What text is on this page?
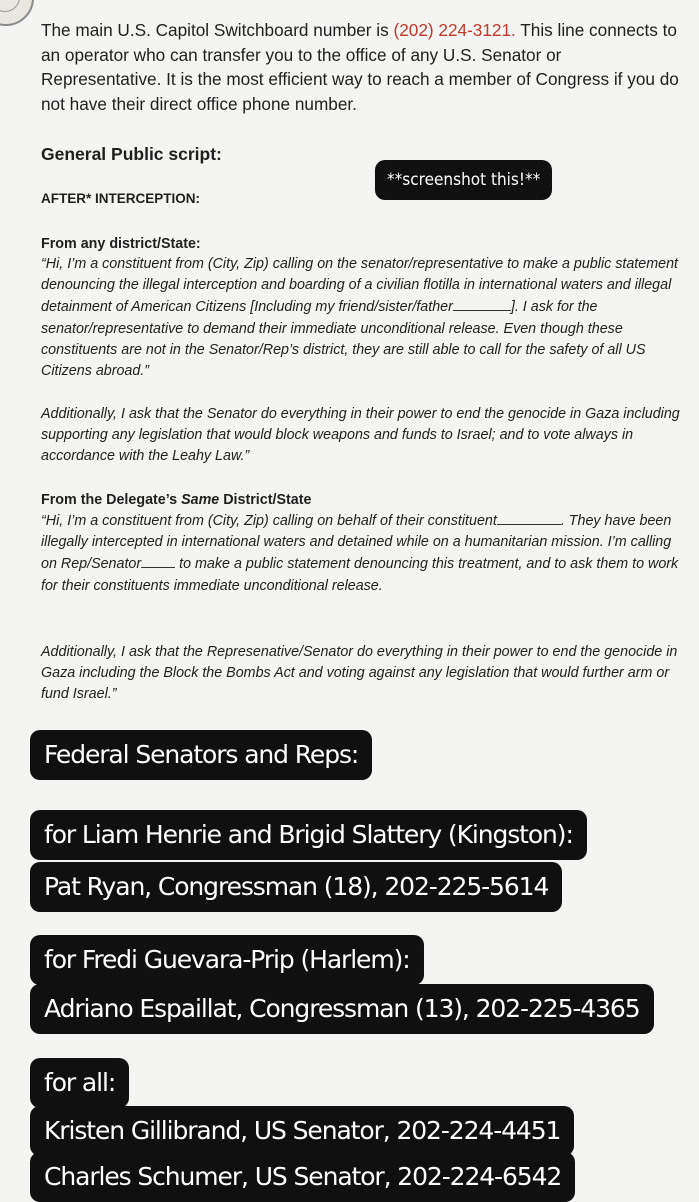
The main U.S. Capitol Switchboard number is (202) 224-3121. This line connects to an operator who can transfer you to the office of any U.S. Senator or Representative. It is the most efficient way to reach a member of Congress if you do not have their direct office phone number.

General Public script:
AFTER* INTERCEPTION:

From any district/State:

“Hi, I’m a constituent from (City, Zip) calling on the senator/representative to make a public statement denouncing the illegal interception and boarding of a civilian flotilla in international waters and illegal detainment of American Citizens [Including my friend/sister/father	]. I ask for the senator/representative to demand their immediate unconditional release. Even though these constituents are not in the Senator/Rep’s district, they are still able to call for the safety of all US Citizens abroad.”

Additionally, I ask that the Senator do everything in their power to end the genocide in Gaza including supporting any legislation that would block weapons and funds to Israel; and to vote always in accordance with the Leahy Law.”

From the Delegate’s Same District/State

“Hi, I’m a constituent from (City, Zip) calling on behalf of their constituent	. They have been illegally intercepted in international waters and detained while on a humanitarian mission. I’m calling on Rep/Senator to make a public statement denouncing this treatment, and to ask them to work for their constituents immediate unconditional release.

Additionally, I ask that the Represenative/Senator do everything in their power to end the genocide in Gaza including the Block the Bombs Act and voting against any legislation that would further arm or fund Israel.”

**screenshot this!**
Federal Senators and Reps:
for Liam Henrie and Brigid Slattery (Kingston):
Pat Ryan, Congressman (18), 202-225-5614
for Fredi Guevara-Prip (Harlem):
Adriano Espaillat, Congressman (13), 202-225-4365
for all:
Kristen Gillibrand, US Senator, 202-224-4451
Charles Schumer, US Senator, 202-224-6542
